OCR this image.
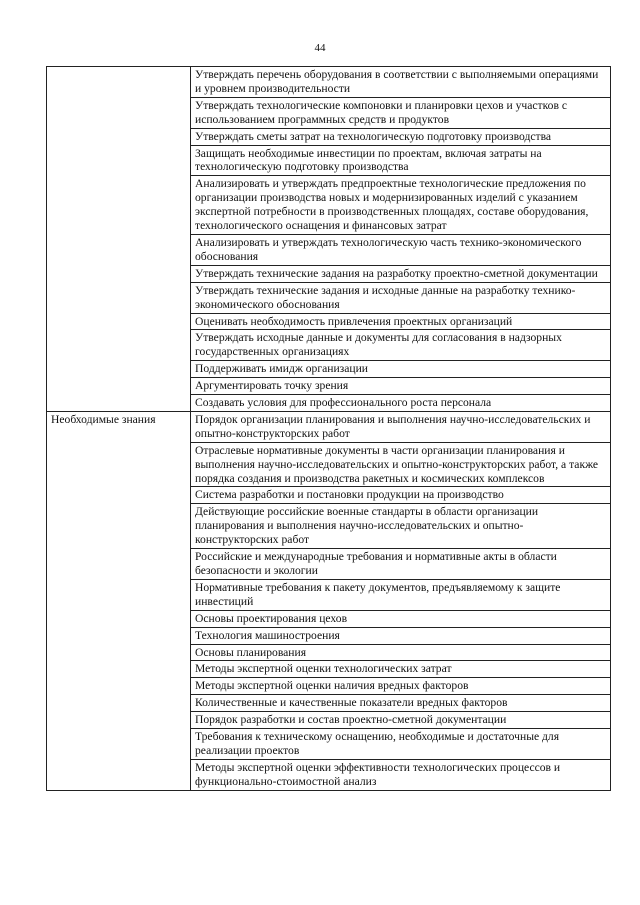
44
	Утверждать перечень оборудования в соответствии с выполняемыми операциями и уровнем производительности
	Утверждать технологические компоновки и планировки цехов и участков с использованием программных средств и продуктов
	Утверждать сметы затрат на технологическую подготовку производства
	Защищать необходимые инвестиции по проектам, включая затраты на технологическую подготовку производства
	Анализировать и утверждать предпроектные технологические предложения по организации производства новых и модернизированных изделий с указанием экспертной потребности в производственных площадях, составе оборудования, технологического оснащения и финансовых затрат
	Анализировать и утверждать технологическую часть технико-экономического обоснования
	Утверждать технические задания на разработку проектно-сметной документации
	Утверждать технические задания и исходные данные на разработку технико-экономического обоснования
	Оценивать необходимость привлечения проектных организаций
	Утверждать исходные данные и документы для согласования в надзорных государственных организациях
	Поддерживать имидж организации
	Аргументировать точку зрения
	Создавать условия для профессионального роста персонала
Необходимые знания	Порядок организации планирования и выполнения научно-исследовательских и опытно-конструкторских работ
	Отраслевые нормативные документы в части организации планирования и выполнения научно-исследовательских и опытно-конструкторских работ, а также порядка создания и производства ракетных и космических комплексов
	Система разработки и постановки продукции на производство
	Действующие российские военные стандарты в области организации планирования и выполнения научно-исследовательских и опытно-конструкторских работ
	Российские и международные требования и нормативные акты в области безопасности и экологии
	Нормативные требования к пакету документов, предъявляемому к защите инвестиций
	Основы проектирования цехов
	Технология машиностроения
	Основы планирования
	Методы экспертной оценки технологических затрат
	Методы экспертной оценки наличия вредных факторов
	Количественные и качественные показатели вредных факторов
	Порядок разработки и состав проектно-сметной документации
	Требования к техническому оснащению, необходимые и достаточные для реализации проектов
	Методы экспертной оценки эффективности технологических процессов и функционально-стоимостной анализ
